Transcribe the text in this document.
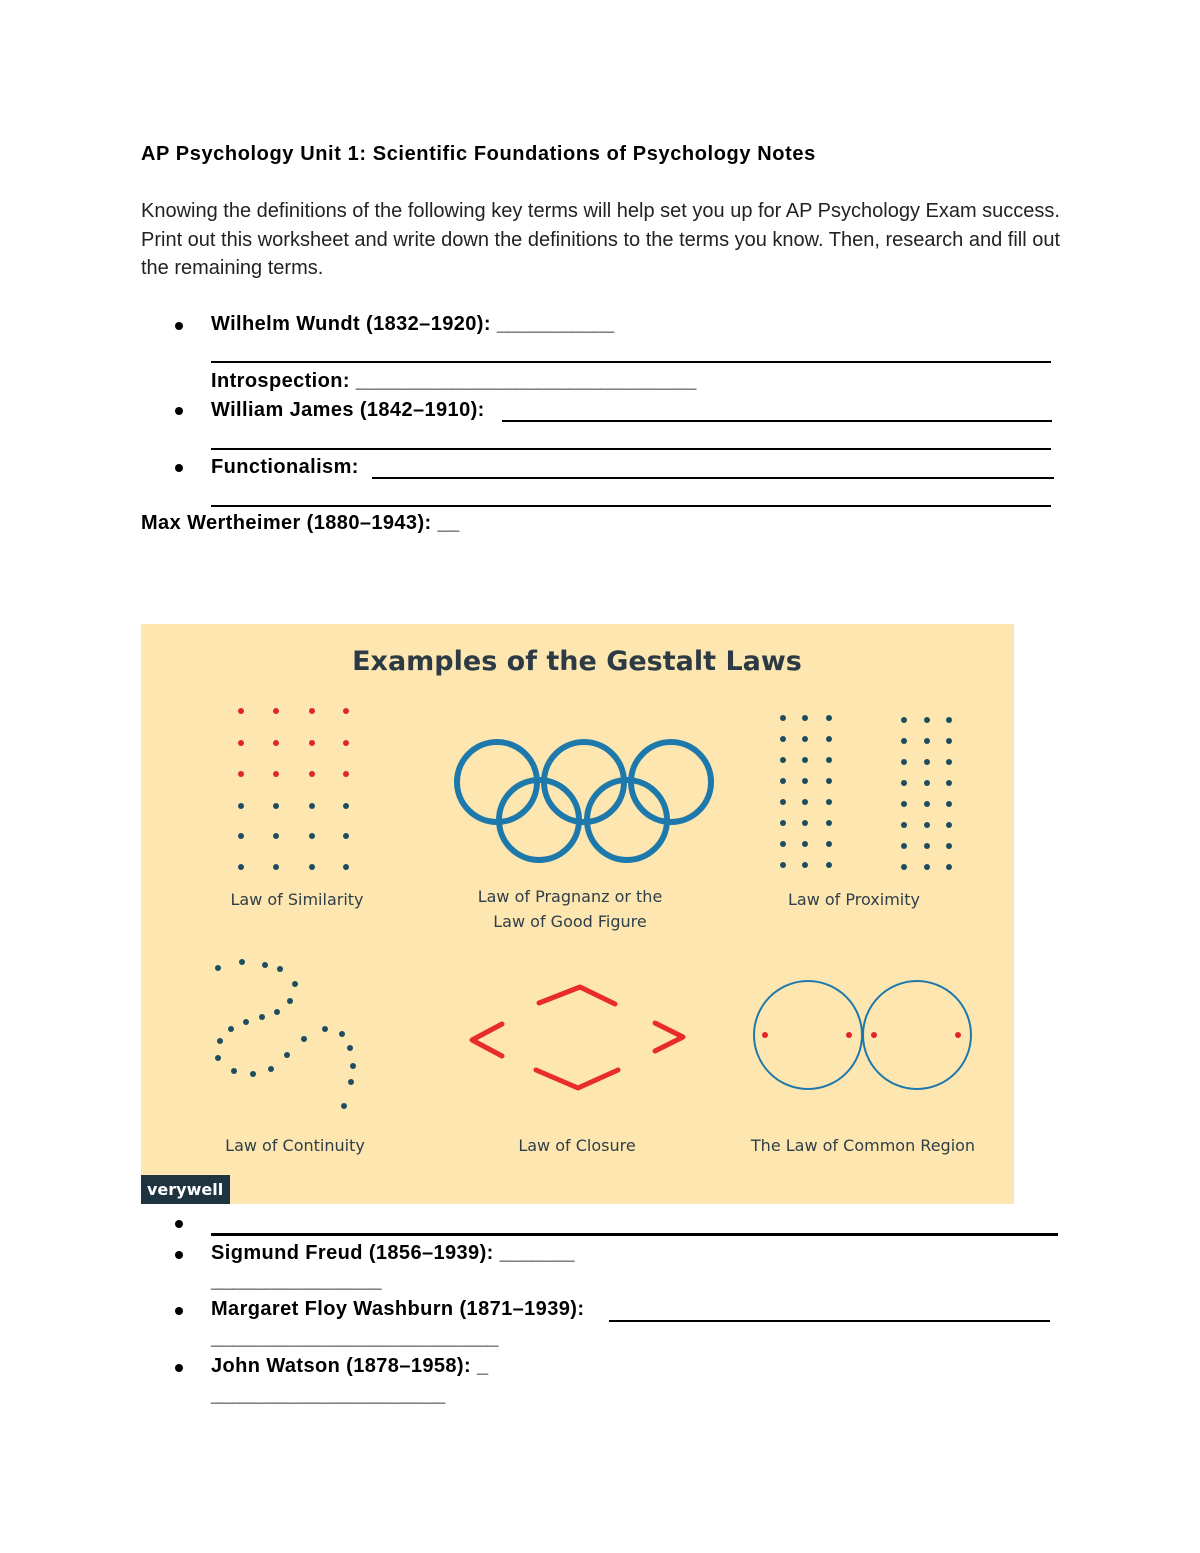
AP Psychology Unit 1: Scientific Foundations of Psychology Notes
Knowing the definitions of the following key terms will help set you up for AP Psychology Exam success. Print out this worksheet and write down the definitions to the terms you know. Then, research and fill out the remaining terms.
Wilhelm Wundt (1832–1920): ___________
Introspection: ________________________________
William James (1842–1910):
Functionalism:
Max Wertheimer (1880–1943): __
Examples of the Gestalt Laws
Law of Similarity	Law of Pragnanz or the
Law of Good Figure
Law of Proximity
Law of Continuity	Law of Closure	The Law of Common Region
verywell
Sigmund Freud (1856–1939): _______
________________
Margaret Floy Washburn (1871–1939):
___________________________
John Watson (1878–1958): _
______________________
